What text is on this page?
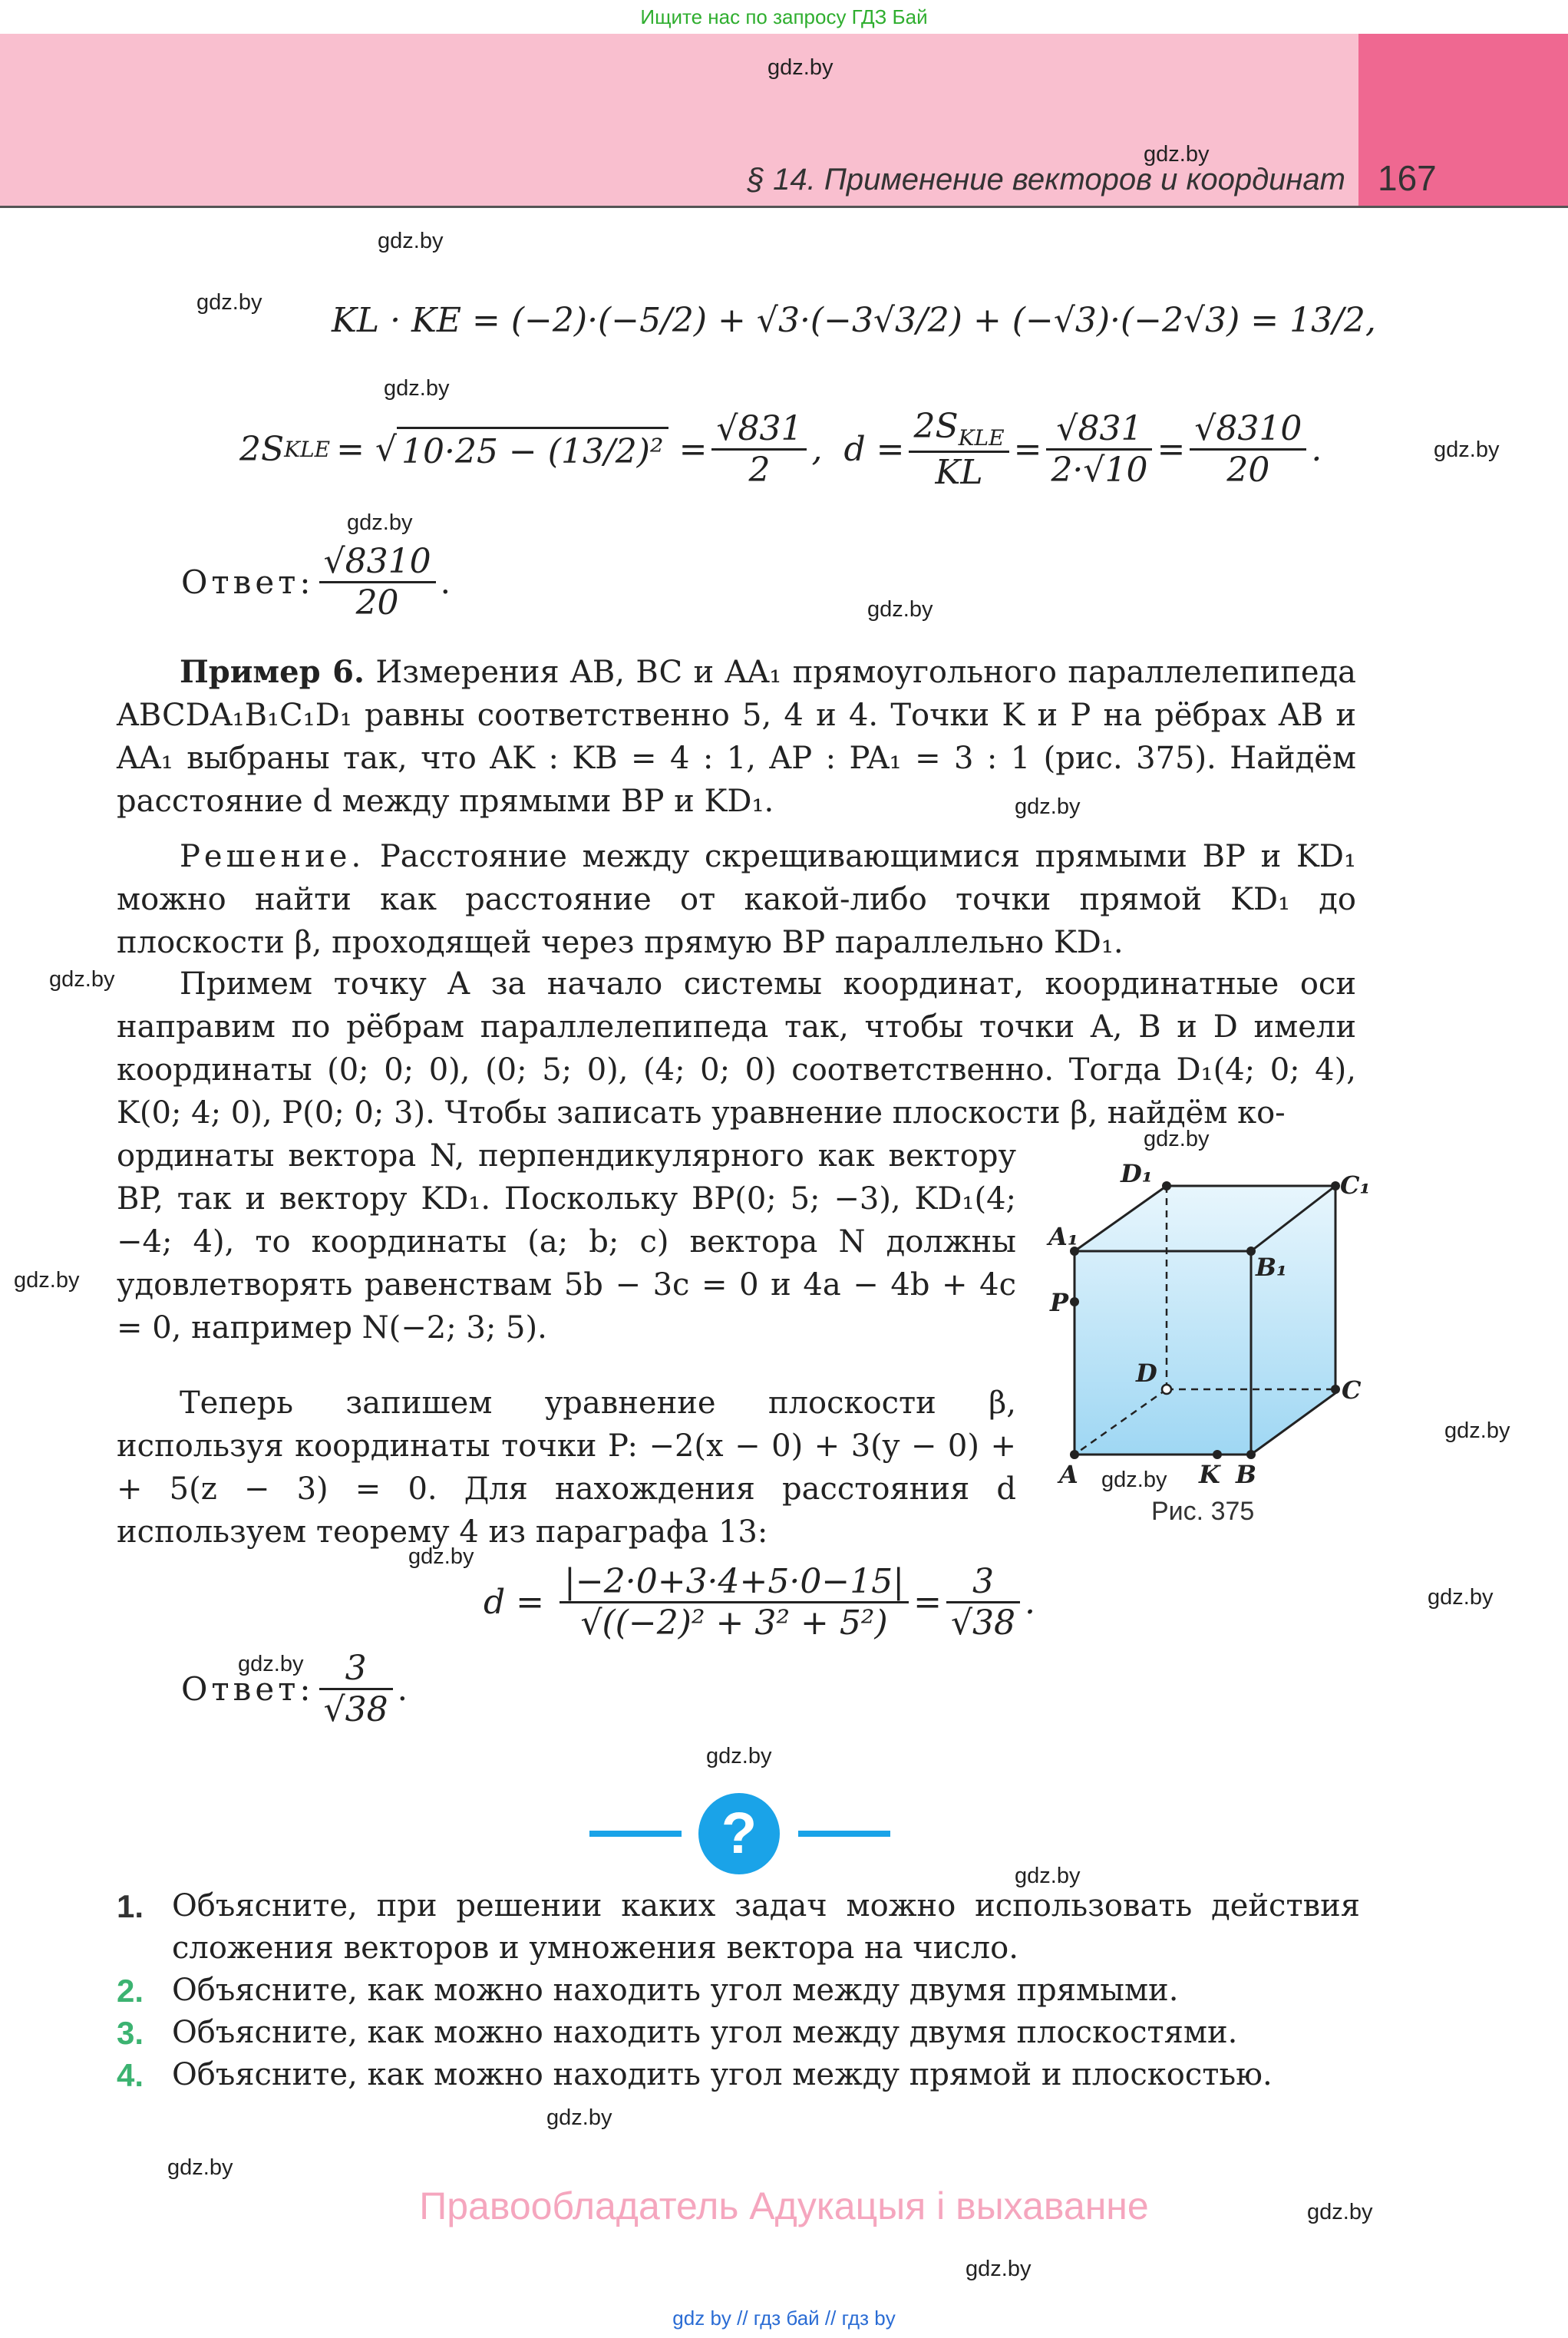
Ищите нас по запросу ГДЗ Бай
§ 14. Применение векторов и координат 167
gdz.by
gdz.by
gdz.by
gdz.by
gdz.by
gdz.by
gdz.by
gdz.by
gdz.by
gdz.by
gdz.by
gdz.by
gdz.by
gdz.by
gdz.by
gdz.by
gdz.by
gdz.by
gdz.by
gdz.by
gdz.by
gdz.by
gdz.by
KL · KE = (−2)·(−5/2) + √3·(−3√3/2) + (−√3)·(−2√3) = 13/2,
2S KLE = √ $10\cdot 25 - (13/2)^2 = \frac{√831}{2}$ , $d = \frac{2S_{KLE}}{KL} = \frac{√831}{2\cdot√10} = \frac{√8310}{20}$ .
Ответ: $\frac{√8310}{20}$ .
Пример 6. Измерения AB, BC и AA₁ прямоугольного параллелепипеда ABCDA₁B₁C₁D₁ равны соответственно 5, 4 и 4. Точки K и P на рёбрах AB и AA₁ выбраны так, что AK : KB = 4 : 1, AP : PA₁ = 3 : 1 (рис. 375). Найдём расстояние d между прямыми BP и KD₁.
Решение. Расстояние между скрещивающимися прямыми BP и KD₁ можно найти как расстояние от какой-либо точки прямой KD₁ до плоскости β, проходящей через прямую BP параллельно KD₁.
Примем точку A за начало системы координат, координатные оси направим по рёбрам параллелепипеда так, чтобы точки A, B и D имели координаты (0; 0; 0), (0; 5; 0), (4; 0; 0) соответственно. Тогда D₁(4; 0; 4), K(0; 4; 0), P(0; 0; 3). Чтобы записать уравнение плоскости β, найдём ко-
ординаты вектора N, перпендикулярного как вектору BP, так и вектору KD₁. Поскольку BP(0; 5; −3), KD₁(4; −4; 4), то координаты (a; b; c) вектора N должны удовлетворять равенствам 5b − 3c = 0 и 4a − 4b + 4c = 0, например N(−2; 3; 5).
Теперь запишем уравнение плоскости β, используя координаты точки P: −2(x − 0) + 3(y − 0) + + 5(z − 3) = 0. Для нахождения расстояния d используем теорему 4 из параграфа 13:
D₁	C₁
A₁
B₁
P
D
C
A	K B
Рис. 375
$d = \frac{|-2\cdot 0+3\cdot 4+5\cdot 0-15|}{\text{√((−2)² + 3² + 5²)}} = \frac{3}{√38}$ .
Ответ: $\frac{3}{√38}$ .
?
1. Объясните, при решении каких задач можно использовать действия сложения векторов и умножения вектора на число.
2. Объясните, как можно находить угол между двумя прямыми.
3. Объясните, как можно находить угол между двумя плоскостями.
4. Объясните, как можно находить угол между прямой и плоскостью.
Правообладатель Адукацыя і выхаванне
gdz by // гдз бай // гдз by
